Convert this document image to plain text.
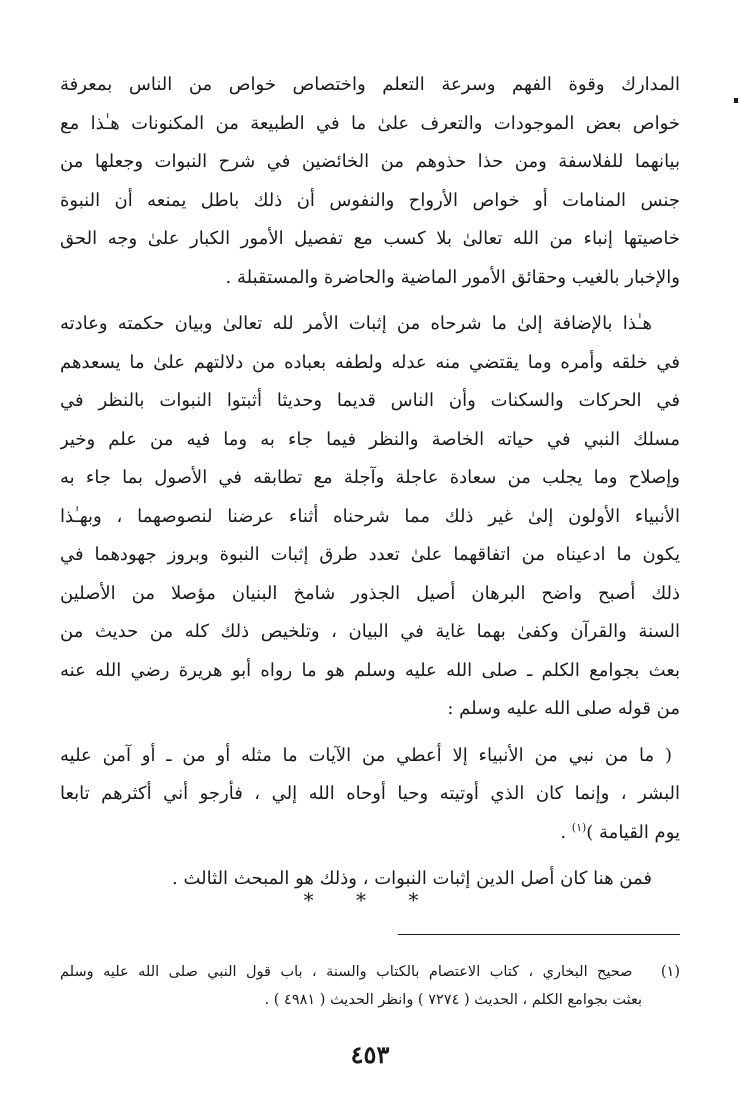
المدارك وقوة الفهم وسرعة التعلم واختصاص خواص من الناس بمعرفة
خواص بعض الموجودات والتعرف علىٰ ما في الطبيعة من المكنونات هـٰذا مع
بيانهما للفلاسفة ومن حذا حذوهم من الخائضين في شرح النبوات وجعلها من
جنس المنامات أو خواص الأرواح والنفوس أن ذلك باطل يمنعه أن النبوة
خاصيتها إنباء من الله تعالىٰ بلا كسب مع تفصيل الأمور الكبار علىٰ وجه الحق
والإخبار بالغيب وحقائق الأمور الماضية والحاضرة والمستقبلة .
هـٰذا بالإضافة إلىٰ ما شرحاه من إثبات الأمر لله تعالىٰ وبيان حكمته وعادته
في خلقه وأمره وما يقتضي منه عدله ولطفه بعباده من دلالتهم علىٰ ما يسعدهم
في الحركات والسكنات وأن الناس قديما وحديثا أثبتوا النبوات بالنظر في
مسلك النبي في حياته الخاصة والنظر فيما جاء به وما فيه من علم وخير
وإصلاح وما يجلب من سعادة عاجلة وآجلة مع تطابقه في الأصول بما جاء به
الأنبياء الأولون إلىٰ غير ذلك مما شرحناه أثناء عرضنا لنصوصهما ، وبهـٰذا
يكون ما ادعيناه من اتفاقهما علىٰ تعدد طرق إثبات النبوة وبروز جهودهما في
ذلك أصبح واضح البرهان أصيل الجذور شامخ البنيان مؤصلا من الأصلين
السنة والقرآن وكفىٰ بهما غاية في البيان ، وتلخيص ذلك كله من حديث من
بعث بجوامع الكلم ـ صلى الله عليه وسلم هو ما رواه أبو هريرة رضي الله عنه
من قوله صلى الله عليه وسلم :
( ما من نبي من الأنبياء إلا أعطي من الآيات ما مثله أو من ـ أو آمن عليه
البشر ، وإنما كان الذي أوتيته وحيا أوحاه الله إلي ، فأرجو أني أكثرهم تابعا
يوم القيامة )$^{(١)}$ .
فمن هنا كان أصل الدين إثبات النبوات ، وذلك هو المبحث الثالث .
* * *
(١)   صحيح البخاري ، كتاب الاعتصام بالكتاب والسنة ، باب قول النبي صلى الله عليه وسلم
بعثت بجوامع الكلم ، الحديث ( ٧٢٧٤ ) وانظر الحديث ( ٤٩٨١ ) .
٤٥٣
